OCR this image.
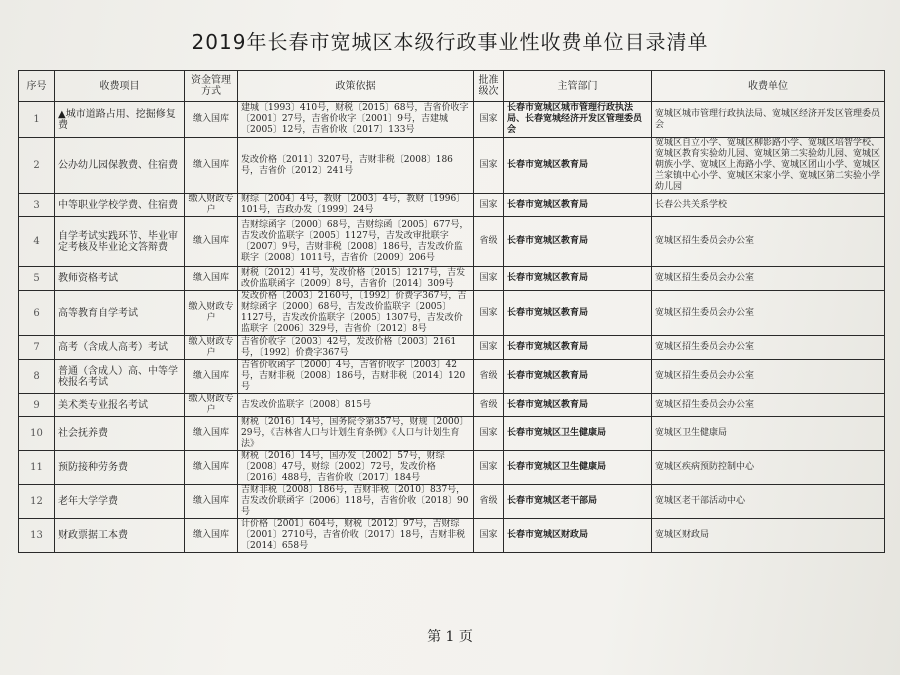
2019年长春市宽城区本级行政事业性收费单位目录清单
序号	收费项目	资金管理方式	政策依据	批准级次	主管部门	收费单位
1	▲城市道路占用、挖掘修复费	缴入国库	建城〔1993〕410号，财税〔2015〕68号，吉省价收字〔2001〕27号，吉省价收字〔2001〕9号，吉建城〔2005〕12号，吉省价收〔2017〕133号	国家	长春市宽城区城市管理行政执法局、长春宽城经济开发区管理委员会	宽城区城市管理行政执法局、宽城区经济开发区管理委员会
2	公办幼儿园保教费、住宿费	缴入国库	发改价格〔2011〕3207号，吉财非税〔2008〕186号，吉省价〔2012〕241号	国家	长春市宽城区教育局	宽城区自立小学、宽城区柳影路小学、宽城区培智学校、宽城区教育实验幼儿园、宽城区第二实验幼儿园、宽城区朝族小学、宽城区上海路小学、宽城区团山小学、宽城区兰家镇中心小学、宽城区宋家小学、宽城区第二实验小学幼儿园
3	中等职业学校学费、住宿费	缴入财政专户	财综〔2004〕4号，教财〔2003〕4号，教财〔1996〕101号，吉政办发〔1999〕24号	国家	长春市宽城区教育局	长春公共关系学校
4	自学考试实践环节、毕业审定考核及毕业论文答辩费	缴入国库	吉财综函字〔2000〕68号，吉财综函〔2005〕677号，吉发改价监联字〔2005〕1127号，吉发改审批联字〔2007〕9号，吉财非税〔2008〕186号，吉发改价监联字〔2008〕1011号，吉省价〔2009〕206号	省级	长春市宽城区教育局	宽城区招生委员会办公室
5	教师资格考试	缴入国库	财税〔2012〕41号，发改价格〔2015〕1217号，吉发改价监联函字〔2009〕8号，吉省价〔2014〕309号	国家	长春市宽城区教育局	宽城区招生委员会办公室
6	高等教育自学考试	缴入财政专户	发改价格〔2003〕2160号，〔1992〕价费字367号，吉财综函字〔2000〕68号，吉发改价监联字〔2005〕1127号，吉发改价监联字〔2005〕1307号，吉发改价监联字〔2006〕329号，吉省价〔2012〕8号	国家	长春市宽城区教育局	宽城区招生委员会办公室
7	高考（含成人高考）考试	缴入财政专户	吉省价收字〔2003〕42号，发改价格〔2003〕2161号，〔1992〕价费字367号	国家	长春市宽城区教育局	宽城区招生委员会办公室
8	普通（含成人）高、中等学校报名考试	缴入国库	吉省价收函字〔2000〕4号，吉省价收字〔2003〕42号，吉财非税〔2008〕186号，吉财非税〔2014〕120号	省级	长春市宽城区教育局	宽城区招生委员会办公室
9	美术类专业报名考试	缴入财政专户	吉发改价监联字〔2008〕815号	省级	长春市宽城区教育局	宽城区招生委员会办公室
10	社会抚养费	缴入国库	财税〔2016〕14号，国务院令第357号，财规〔2000〕29号，《吉林省人口与计划生育条例》《人口与计划生育法》	国家	长春市宽城区卫生健康局	宽城区卫生健康局
11	预防接种劳务费	缴入国库	财税〔2016〕14号，国办发〔2002〕57号，财综〔2008〕47号，财综〔2002〕72号，发改价格〔2016〕488号，吉省价收〔2017〕184号	国家	长春市宽城区卫生健康局	宽城区疾病预防控制中心
12	老年大学学费	缴入国库	吉财非税〔2008〕186号，吉财非税〔2010〕837号，吉发改价联函字〔2006〕118号，吉省价收〔2018〕90号	省级	长春市宽城区老干部局	宽城区老干部活动中心
13	财政票据工本费	缴入国库	计价格〔2001〕604号，财税〔2012〕97号，吉财综〔2001〕2710号，吉省价收〔2017〕18号，吉财非税〔2014〕658号	国家	长春市宽城区财政局	宽城区财政局
第 1 页
